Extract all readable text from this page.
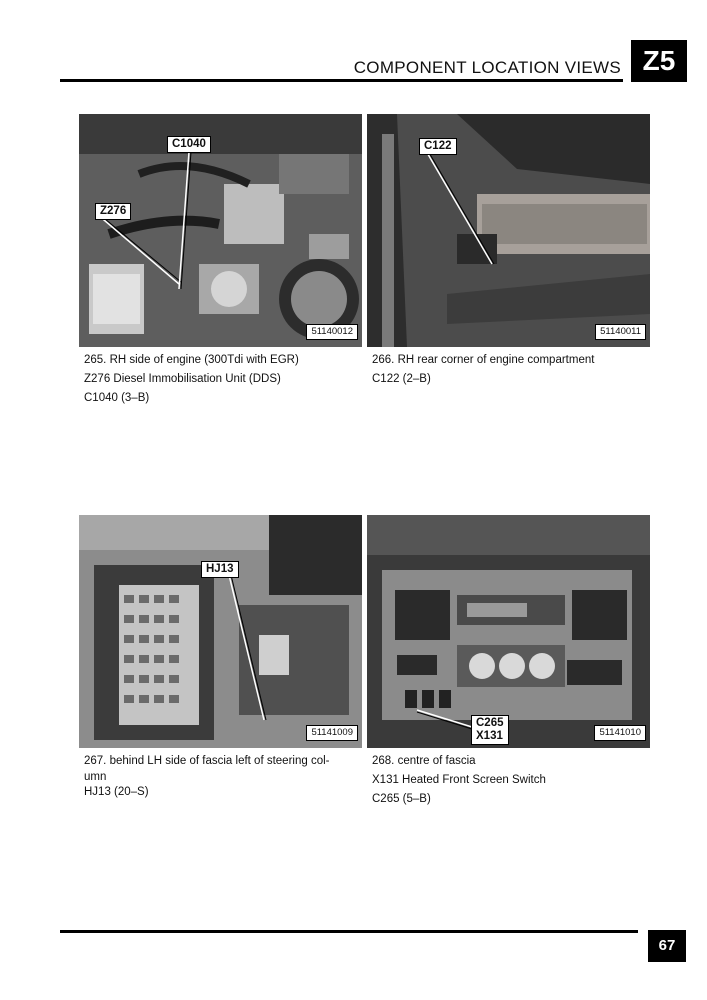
COMPONENT LOCATION VIEWS Z5
C1040
Z276
51140012
265. RH side of engine (300Tdi with EGR)
Z276 Diesel Immobilisation Unit (DDS)
C1040 (3–B)
C122
51140011
266. RH rear corner of engine compartment
C122 (2–B)
HJ13
51141009
267. behind LH side of fascia left of steering col-
umn
HJ13 (20–S)
C265
X131	51141010
268. centre of fascia
X131 Heated Front Screen Switch
C265 (5–B)
67
